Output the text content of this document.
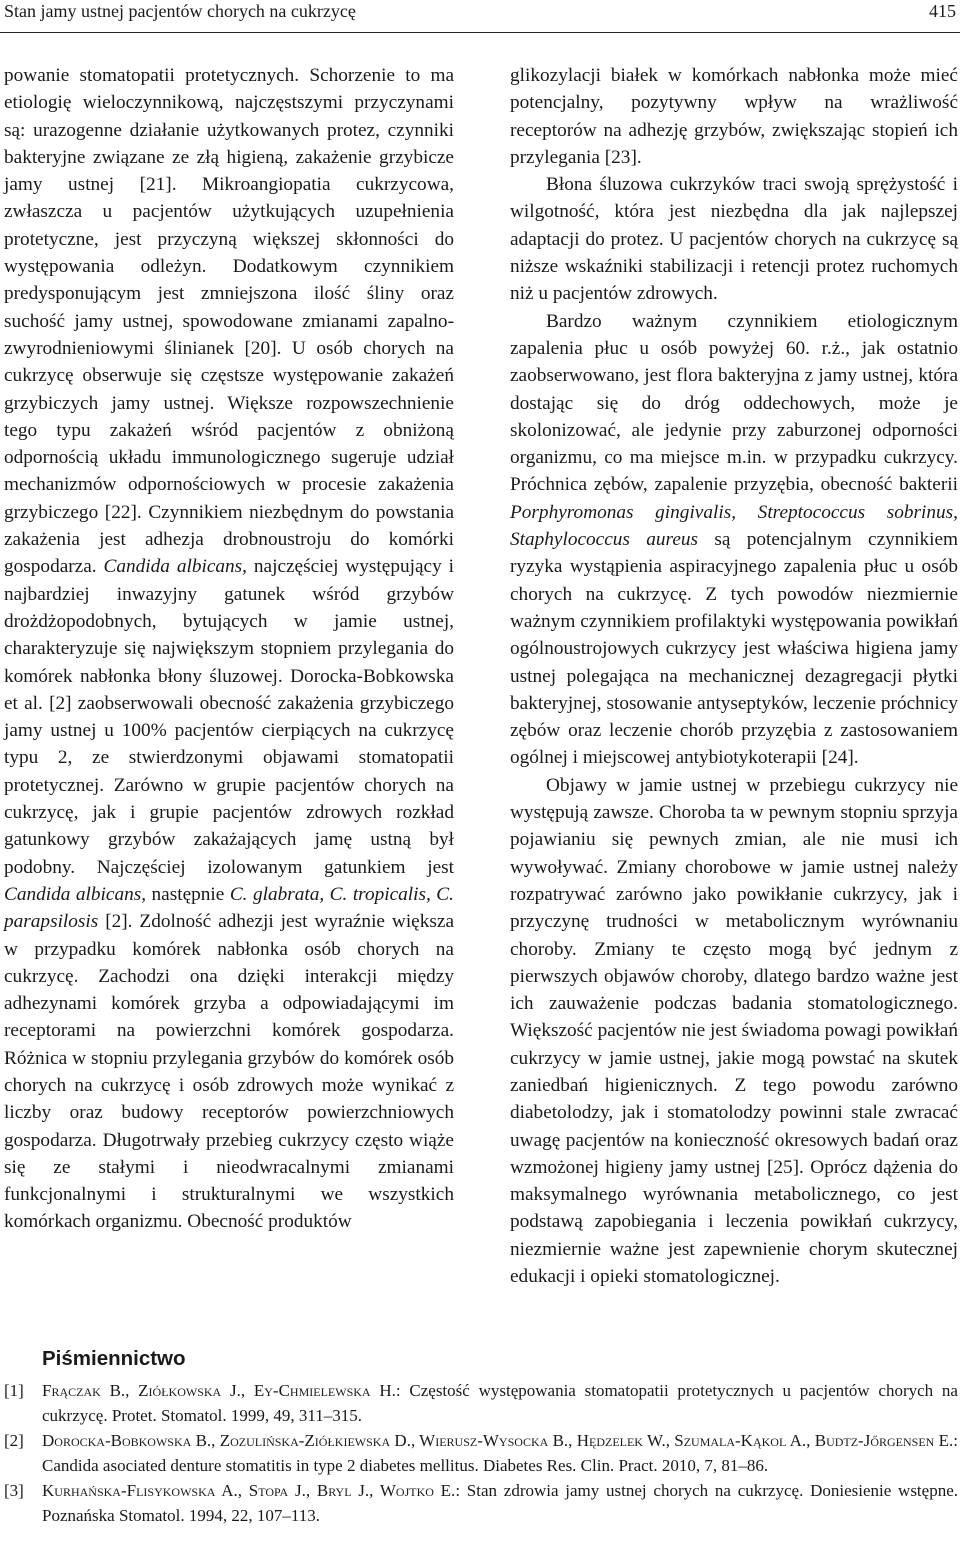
Stan jamy ustnej pacjentów chorych na cukrzycę	415

powanie stomatopatii protetycznych. Schorzenie to ma etiologię wieloczynnikową, najczęstszymi przyczynami są: urazogenne działanie użytkowanych protez, czynniki bakteryjne związane ze złą higieną, zakażenie grzybicze jamy ustnej [21]. Mikroangiopatia cukrzycowa, zwłaszcza u pacjentów użytkujących uzupełnienia protetyczne, jest przyczyną większej skłonności do występowania odleżyn. Dodatkowym czynnikiem predysponującym jest zmniejszona ilość śliny oraz suchość jamy ustnej, spowodowane zmianami zapalno-zwyrodnieniowymi ślinianek [20]. U osób chorych na cukrzycę obserwuje się częstsze występowanie zakażeń grzybiczych jamy ustnej. Większe rozpowszechnienie tego typu zakażeń wśród pacjentów z obniżoną odpornością układu immunologicznego sugeruje udział mechanizmów odpornościowych w procesie zakażenia grzybiczego [22]. Czynnikiem niezbędnym do powstania zakażenia jest adhezja drobnoustroju do komórki gospodarza. Candida albicans, najczęściej występujący i najbardziej inwazyjny gatunek wśród grzybów drożdżopodobnych, bytujących w jamie ustnej, charakteryzuje się największym stopniem przylegania do komórek nabłonka błony śluzowej. Dorocka-Bobkowska et al. [2] zaobserwowali obecność zakażenia grzybiczego jamy ustnej u 100% pacjentów cierpiących na cukrzycę typu 2, ze stwierdzonymi objawami stomatopatii protetycznej. Zarówno w grupie pacjentów chorych na cukrzycę, jak i grupie pacjentów zdrowych rozkład gatunkowy grzybów zakażających jamę ustną był podobny. Najczęściej izolowanym gatunkiem jest Candida albicans, następnie C. glabrata, C. tropicalis, C. parapsilosis [2]. Zdolność adhezji jest wyraźnie większa w przypadku komórek nabłonka osób chorych na cukrzycę. Zachodzi ona dzięki interakcji między adhezynami komórek grzyba a odpowiadającymi im receptorami na powierzchni komórek gospodarza. Różnica w stopniu przylegania grzybów do komórek osób chorych na cukrzycę i osób zdrowych może wynikać z liczby oraz budowy receptorów powierzchniowych gospodarza. Długotrwały przebieg cukrzycy często wiąże się ze stałymi i nieodwracalnymi zmianami funkcjonalnymi i strukturalnymi we wszystkich komórkach organizmu. Obecność produktów

glikozylacji białek w komórkach nabłonka może mieć potencjalny, pozytywny wpływ na wrażliwość receptorów na adhezję grzybów, zwiększając stopień ich przylegania [23].

Błona śluzowa cukrzyków traci swoją sprężystość i wilgotność, która jest niezbędna dla jak najlepszej adaptacji do protez. U pacjentów chorych na cukrzycę są niższe wskaźniki stabilizacji i retencji protez ruchomych niż u pacjentów zdrowych.

Bardzo ważnym czynnikiem etiologicznym zapalenia płuc u osób powyżej 60. r.ż., jak ostatnio zaobserwowano, jest flora bakteryjna z jamy ustnej, która dostając się do dróg oddechowych, może je skolonizować, ale jedynie przy zaburzonej odporności organizmu, co ma miejsce m.in. w przypadku cukrzycy. Próchnica zębów, zapalenie przyzębia, obecność bakterii Porphyromonas gingivalis, Streptococcus sobrinus, Staphylococcus aureus są potencjalnym czynnikiem ryzyka wystąpienia aspiracyjnego zapalenia płuc u osób chorych na cukrzycę. Z tych powodów niezmiernie ważnym czynnikiem profilaktyki występowania powikłań ogólnoustrojowych cukrzycy jest właściwa higiena jamy ustnej polegająca na mechanicznej dezagregacji płytki bakteryjnej, stosowanie antyseptyków, leczenie próchnicy zębów oraz leczenie chorób przyzębia z zastosowaniem ogólnej i miejscowej antybiotykoterapii [24].

Objawy w jamie ustnej w przebiegu cukrzycy nie występują zawsze. Choroba ta w pewnym stopniu sprzyja pojawianiu się pewnych zmian, ale nie musi ich wywoływać. Zmiany chorobowe w jamie ustnej należy rozpatrywać zarówno jako powikłanie cukrzycy, jak i przyczynę trudności w metabolicznym wyrównaniu choroby. Zmiany te często mogą być jednym z pierwszych objawów choroby, dlatego bardzo ważne jest ich zauważenie podczas badania stomatologicznego. Większość pacjentów nie jest świadoma powagi powikłań cukrzycy w jamie ustnej, jakie mogą powstać na skutek zaniedbań higienicznych. Z tego powodu zarówno diabetolodzy, jak i stomatolodzy powinni stale zwracać uwagę pacjentów na konieczność okresowych badań oraz wzmożonej higieny jamy ustnej [25]. Oprócz dążenia do maksymalnego wyrównania metabolicznego, co jest podstawą zapobiegania i leczenia powikłań cukrzycy, niezmiernie ważne jest zapewnienie chorym skutecznej edukacji i opieki stomatologicznej.

Piśmiennictwo
[1]	Frączak B., Ziółkowska J., Ey-Chmielewska H.: Częstość występowania stomatopatii protetycznych u pacjentów chorych na cukrzycę. Protet. Stomatol. 1999, 49, 311–315.
[2]	Dorocka-Bobkowska B., Zozulińska-Ziółkiewska D., Wierusz-Wysocka B., Hędzelek W., Szumala-Kąkol A., Budtz-Jőrgensen E.: Candida asociated denture stomatitis in type 2 diabetes mellitus. Diabetes Res. Clin. Pract. 2010, 7, 81–86.
[3]	Kurhańska-Flisykowska A., Stopa J., Bryl J., Wojtko E.: Stan zdrowia jamy ustnej chorych na cukrzycę. Doniesienie wstępne. Poznańska Stomatol. 1994, 22, 107–113.
